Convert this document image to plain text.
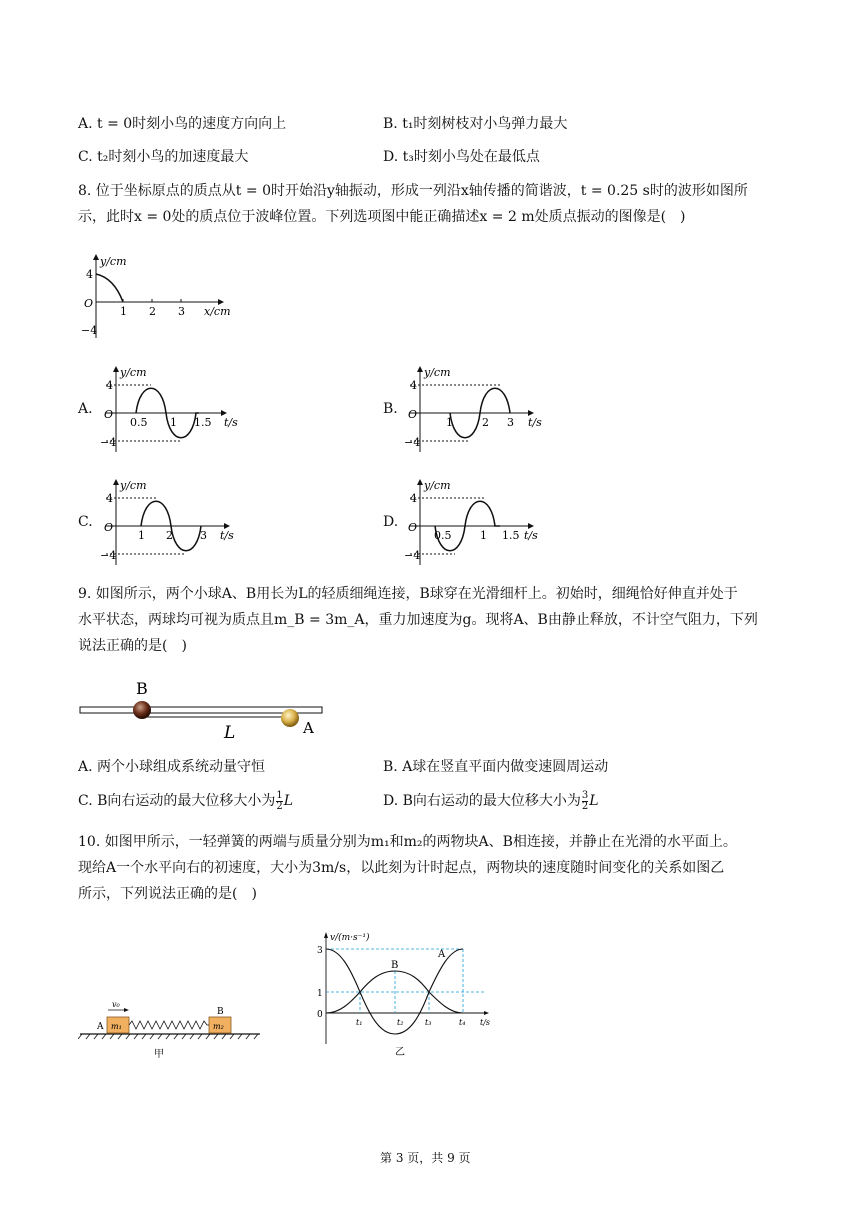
A. t = 0时刻小鸟的速度方向向上	B. t₁时刻树枝对小鸟弹力最大
C. t₂时刻小鸟的加速度最大	D. t₃时刻小鸟处在最低点
8. 位于坐标原点的质点从t = 0时开始沿y轴振动，形成一列沿x轴传播的简谐波，t = 0.25 s时的波形如图所
示，此时x = 0处的质点位于波峰位置。下列选项图中能正确描述x = 2 m处质点振动的图像是(　)
y/cm
4
O
−4
1 2 3 x/cm
A.
y/cm
4
O
−4
0.5 1 1.5 t/s
B.
y/cm
4
O
−4
1	2 3 t/s
C.
y/cm
4
O
−4
1 2 3 t/s
D.
y/cm
4
O
−4
0.5	1 1.5 t/s
9. 如图所示，两个小球A、B用长为L的轻质细绳连接，B球穿在光滑细杆上。初始时，细绳恰好伸直并处于
水平状态，两球均可视为质点且m_B = 3m_A，重力加速度为g。现将A、B由静止释放，不计空气阻力，下列
说法正确的是(　)
B
A
L
A. 两个小球组成系统动量守恒	B. A球在竖直平面内做变速圆周运动
C. B向右运动的最大位移大小为 $\frac{1}{2}$ L	D. B向右运动的最大位移大小为 $\frac{3}{2}$ L
10. 如图甲所示，一轻弹簧的两端与质量分别为m₁和m₂的两物块A、B相连接，并静止在光滑的水平面上。
现给A一个水平向右的初速度，大小为3m/s，以此刻为计时起点，两物块的速度随时间变化的关系如图乙
所示，下列说法正确的是(　)
v₀
A
B
m₁	m₂
甲
v/(m·s⁻¹)
3
1
0
B
A
t₁	t₂	t₃	t₄ t/s
乙
第 3 页，共 9 页
